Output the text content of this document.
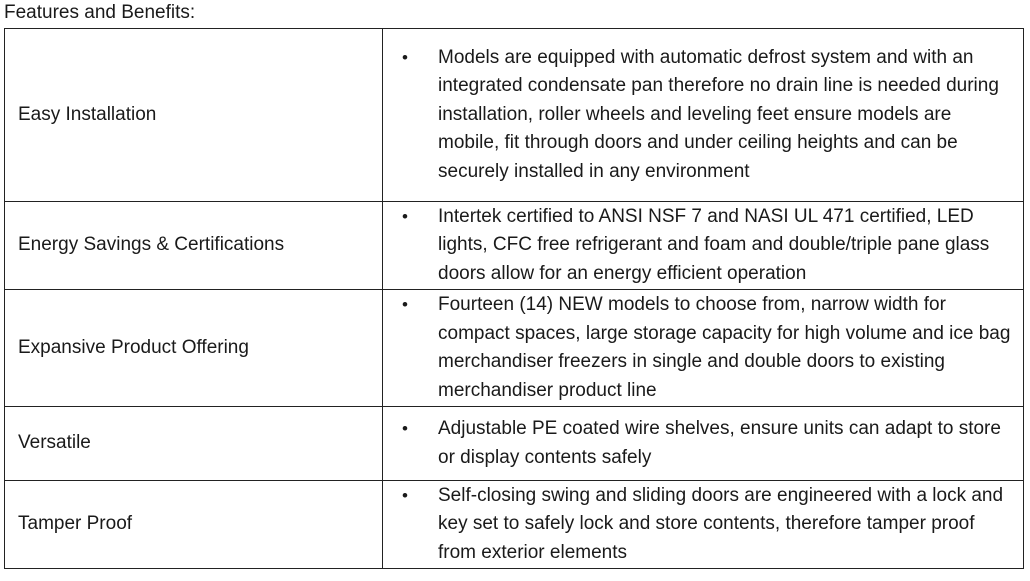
Features and Benefits:
Easy Installation	• Models are equipped with automatic defrost system and with an integrated condensate pan therefore no drain line is needed during installation, roller wheels and leveling feet ensure models are mobile, fit through doors and under ceiling heights and can be securely installed in any environment

Energy Savings & Certifications	• Intertek certified to ANSI NSF 7 and NASI UL 471 certified, LED lights, CFC free refrigerant and foam and double/triple pane glass doors allow for an energy efficient operation

Expansive Product Offering	• Fourteen (14) NEW models to choose from, narrow width for compact spaces, large storage capacity for high volume and ice bag merchandiser freezers in single and double doors to existing merchandiser product line

Versatile	• Adjustable PE coated wire shelves, ensure units can adapt to store or display contents safely

Tamper Proof	• Self-closing swing and sliding doors are engineered with a lock and key set to safely lock and store contents, therefore tamper proof from exterior elements
